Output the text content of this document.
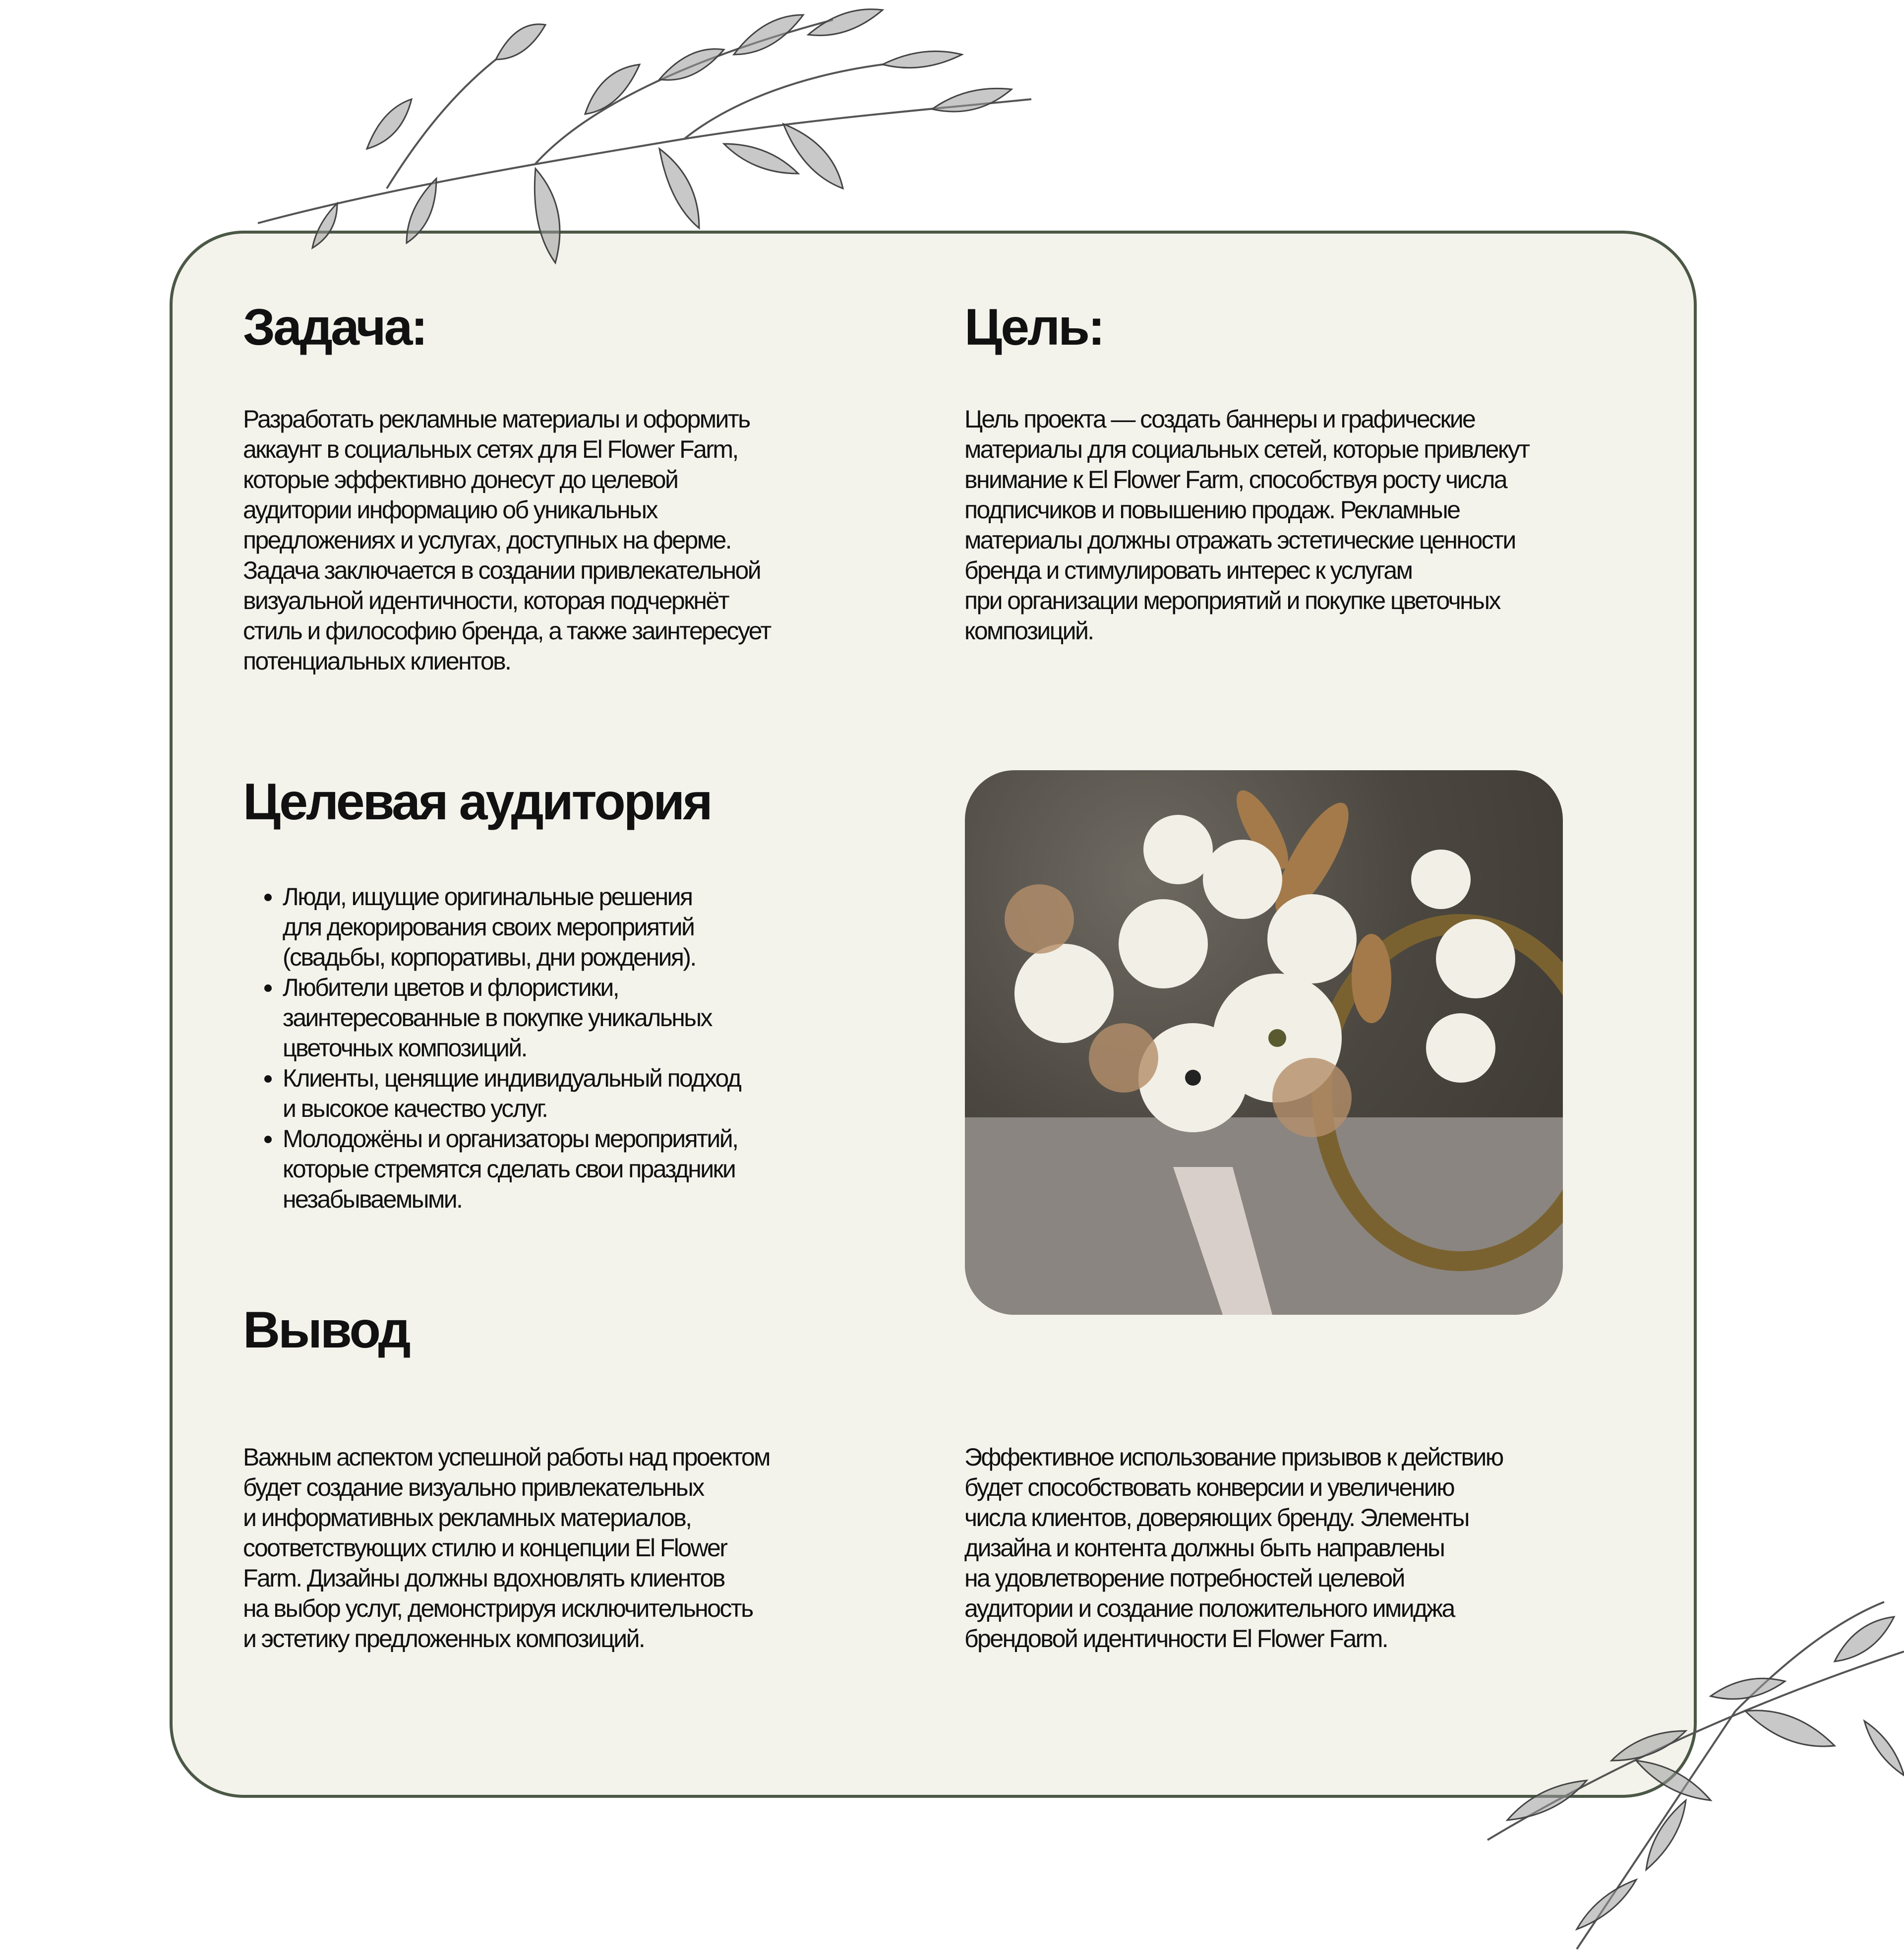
Задача:

Разработать рекламные материалы и оформить
аккаунт в социальных сетях для El Flower Farm,
которые эффективно донесут до целевой
аудитории информацию об уникальных
предложениях и услугах, доступных на ферме.
Задача заключается в создании привлекательной
визуальной идентичности, которая подчеркнёт
стиль и философию бренда, а также заинтересует
потенциальных клиентов.

Цель:

Цель проекта — создать баннеры и графические
материалы для социальных сетей, которые привлекут
внимание к El Flower Farm, способствуя росту числа
подписчиков и повышению продаж. Рекламные
материалы должны отражать эстетические ценности
бренда и стимулировать интерес к услугам
при организации мероприятий и покупке цветочных
композиций.

Целевая аудитория
• Люди, ищущие оригинальные решения
для декорирования своих мероприятий
(свадьбы, корпоративы, дни рождения).
• Любители цветов и флористики,
заинтересованные в покупке уникальных
цветочных композиций.
• Клиенты, ценящие индивидуальный подход
и высокое качество услуг.
• Молодожёны и организаторы мероприятий,
которые стремятся сделать свои праздники
незабываемыми.
Вывод

Важным аспектом успешной работы над проектом
будет создание визуально привлекательных
и информативных рекламных материалов,
соответствующих стилю и концепции El Flower
Farm. Дизайны должны вдохновлять клиентов
на выбор услуг, демонстрируя исключительность
и эстетику предложенных композиций.

Эффективное использование призывов к действию
будет способствовать конверсии и увеличению
числа клиентов, доверяющих бренду. Элементы
дизайна и контента должны быть направлены
на удовлетворение потребностей целевой
аудитории и создание положительного имиджа
брендовой идентичности El Flower Farm.
